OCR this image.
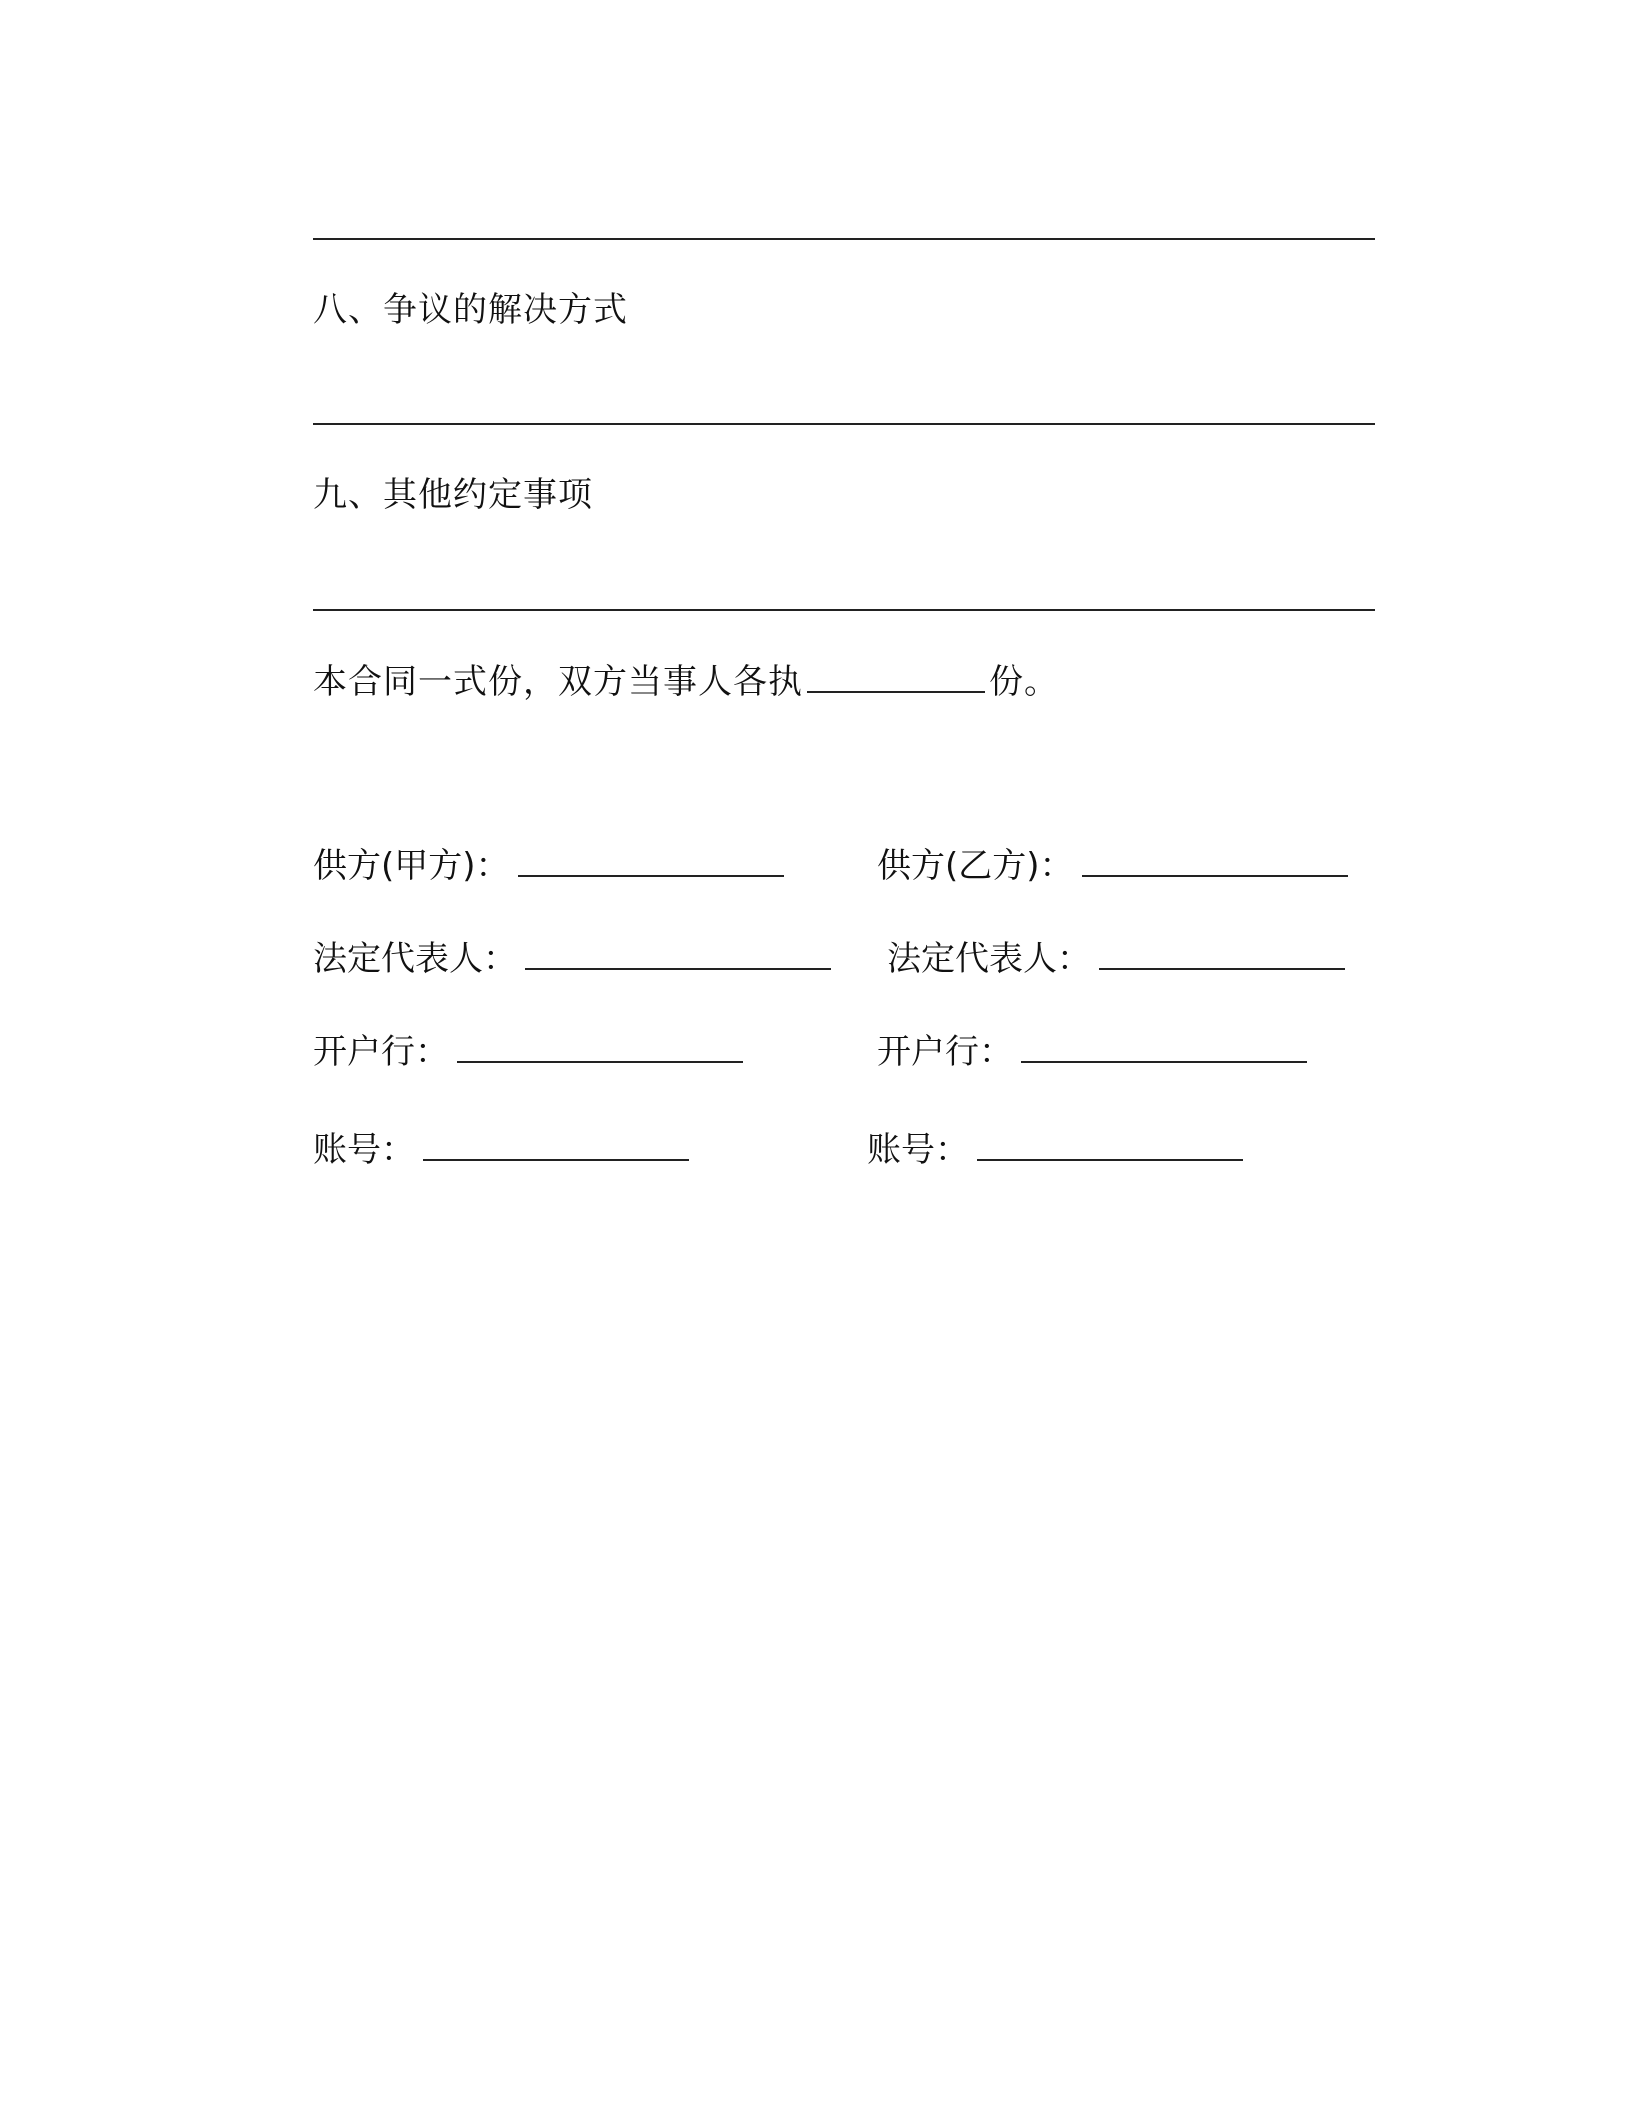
八、争议的解决方式
九、其他约定事项
本合同一式份，双方当事人各执	份。
供方(甲方)：
法定代表人：
开户行：
账号：
供方(乙方)：
法定代表人：
开户行：
账号：
